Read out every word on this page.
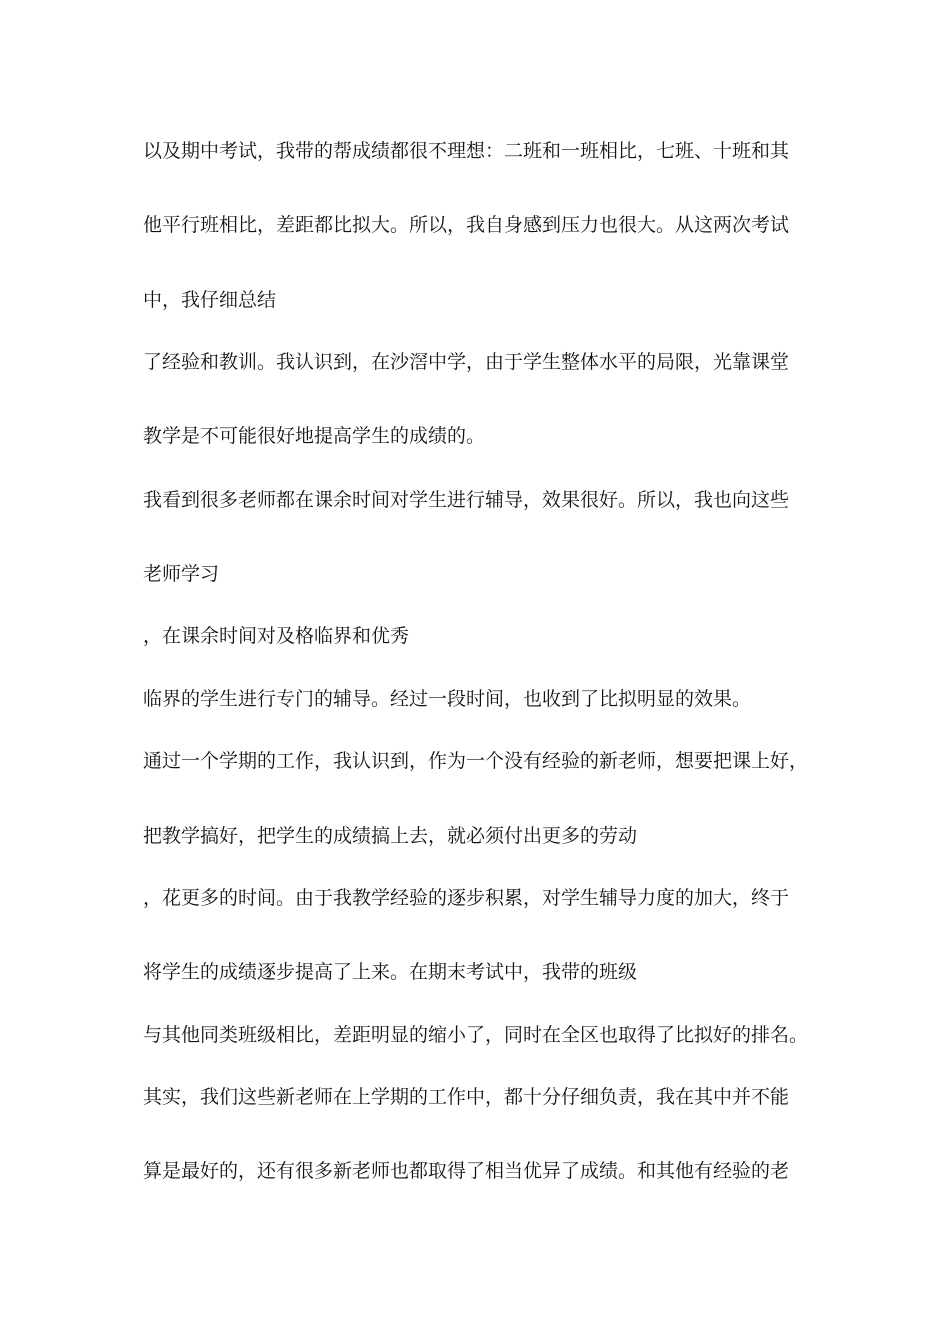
以及期中考试，我带的帮成绩都很不理想：二班和一班相比，七班、十班和其
他平行班相比，差距都比拟大。所以，我自身感到压力也很大。从这两次考试
中，我仔细总结
了经验和教训。我认识到，在沙滘中学，由于学生整体水平的局限，光靠课堂
教学是不可能很好地提高学生的成绩的。
我看到很多老师都在课余时间对学生进行辅导，效果很好。所以，我也向这些
老师学习
，在课余时间对及格临界和优秀
临界的学生进行专门的辅导。经过一段时间，也收到了比拟明显的效果。
通过一个学期的工作，我认识到，作为一个没有经验的新老师，想要把课上好，
把教学搞好，把学生的成绩搞上去，就必须付出更多的劳动
，花更多的时间。由于我教学经验的逐步积累，对学生辅导力度的加大，终于
将学生的成绩逐步提高了上来。在期末考试中，我带的班级
与其他同类班级相比，差距明显的缩小了，同时在全区也取得了比拟好的排名。
其实，我们这些新老师在上学期的工作中，都十分仔细负责，我在其中并不能
算是最好的，还有很多新老师也都取得了相当优异了成绩。和其他有经验的老
